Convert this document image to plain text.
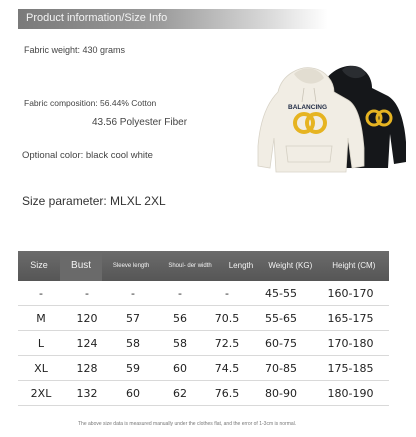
Product information/Size Info
Fabric weight: 430 grams
Fabric composition: 56.44% Cotton
43.56 Polyester Fiber
Optional color: black cool white
Size parameter: MLXL 2XL
BALANCING
Size	Bust	Sleeve length	Shoul- der width	Length	Weight (KG)	Height (CM)
-	-	-	-	-	45-55	160-170
M	120	57	56	70.5	55-65	165-175
L	124	58	58	72.5	60-75	170-180
XL	128	59	60	74.5	70-85	175-185
2XL	132	60	62	76.5	80-90	180-190
The above size data is measured manually under the clothes flat, and the error of 1-3cm is normal.
